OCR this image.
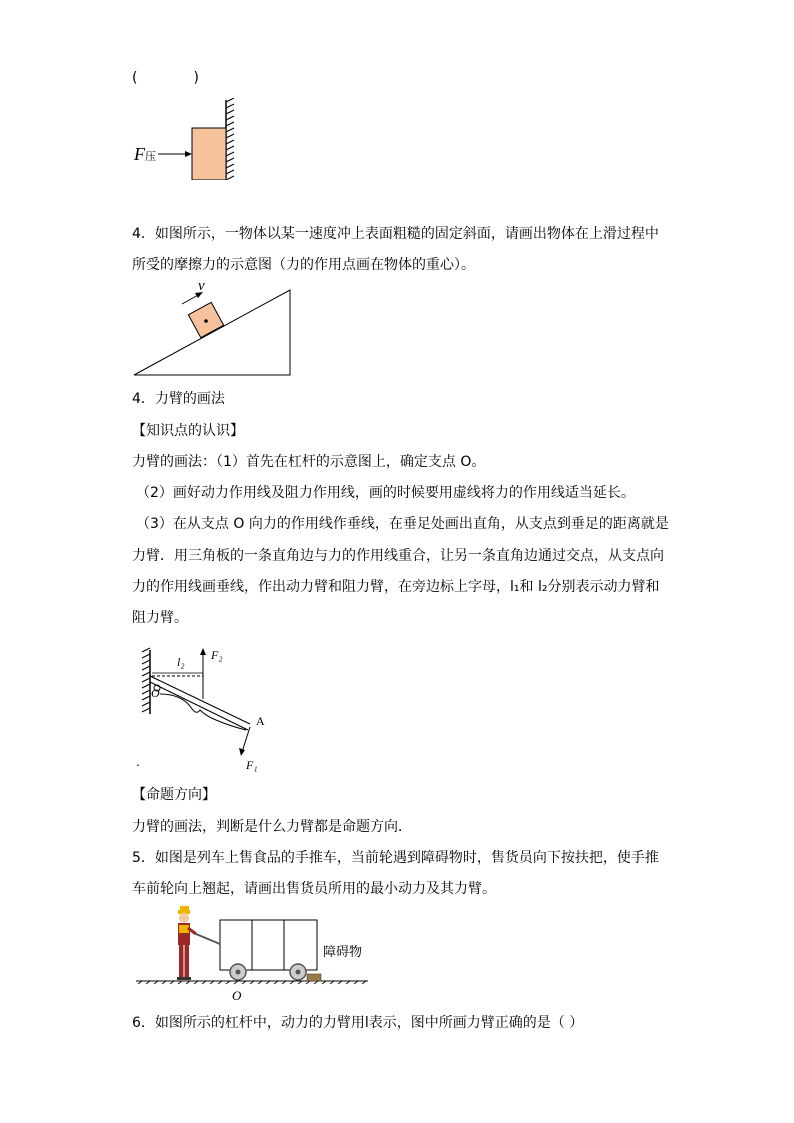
(　　　　)
F压
4．如图所示，一物体以某一速度冲上表面粗糙的固定斜面，请画出物体在上滑过程中
所受的摩擦力的示意图（力的作用点画在物体的重心）。
v
4．力臂的画法
【知识点的认识】
力臂的画法：（1）首先在杠杆的示意图上，确定支点 O。
（2）画好动力作用线及阻力作用线，画的时候要用虚线将力的作用线适当延长。
（3）在从支点 O 向力的作用线作垂线，在垂足处画出直角，从支点到垂足的距离就是
力臂．用三角板的一条直角边与力的作用线重合，让另一条直角边通过交点，从支点向
力的作用线画垂线，作出动力臂和阻力臂，在旁边标上字母，l₁和 l₂分别表示动力臂和
阻力臂。
F₂
l₂
O
A
F₁
.
【命题方向】
力臂的画法，判断是什么力臂都是命题方向．
5．如图是列车上售食品的手推车，当前轮遇到障碍物时，售货员向下按扶把，使手推
车前轮向上翘起，请画出售货员所用的最小动力及其力臂。
障碍物
O
6．如图所示的杠杆中，动力的力臂用l表示，图中所画力臂正确的是（ ）
